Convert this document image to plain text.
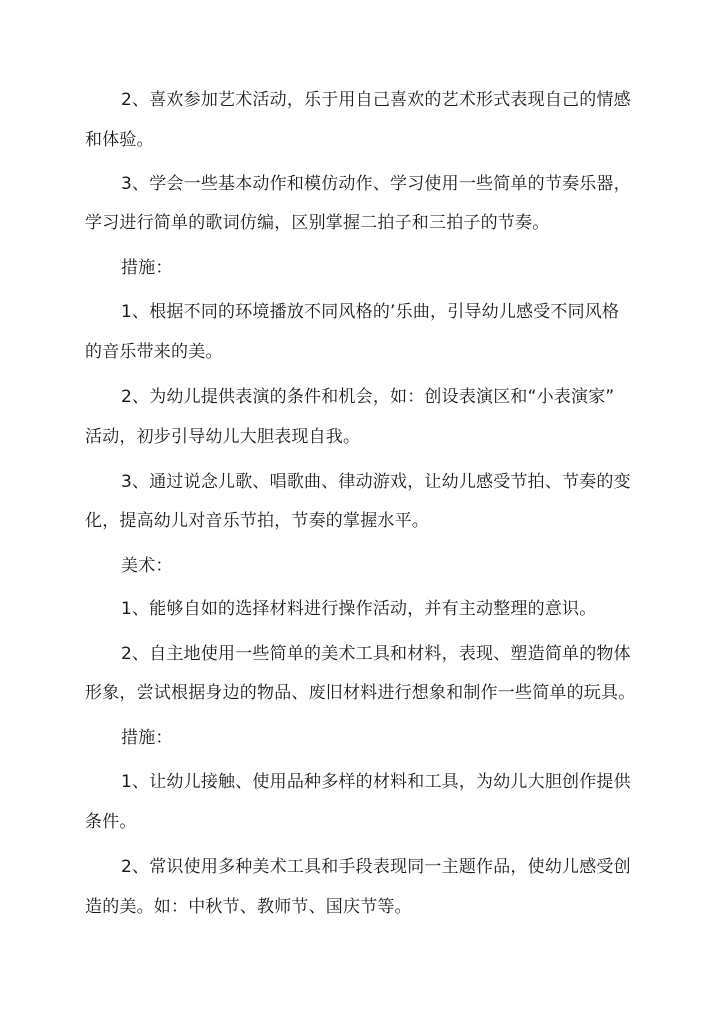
2、喜欢参加艺术活动，乐于用自己喜欢的艺术形式表现自己的情感
和体验。
3、学会一些基本动作和模仿动作、学习使用一些简单的节奏乐器，
学习进行简单的歌词仿编，区别掌握二拍子和三拍子的节奏。
措施：
1、根据不同的环境播放不同风格的’乐曲，引导幼儿感受不同风格
的音乐带来的美。
2、为幼儿提供表演的条件和机会，如：创设表演区和“小表演家”
活动，初步引导幼儿大胆表现自我。
3、通过说念儿歌、唱歌曲、律动游戏，让幼儿感受节拍、节奏的变
化，提高幼儿对音乐节拍，节奏的掌握水平。
美术：
1、能够自如的选择材料进行操作活动，并有主动整理的意识。
2、自主地使用一些简单的美术工具和材料，表现、塑造简单的物体
形象，尝试根据身边的物品、废旧材料进行想象和制作一些简单的玩具。
措施：
1、让幼儿接触、使用品种多样的材料和工具，为幼儿大胆创作提供
条件。
2、常识使用多种美术工具和手段表现同一主题作品，使幼儿感受创
造的美。如：中秋节、教师节、国庆节等。
